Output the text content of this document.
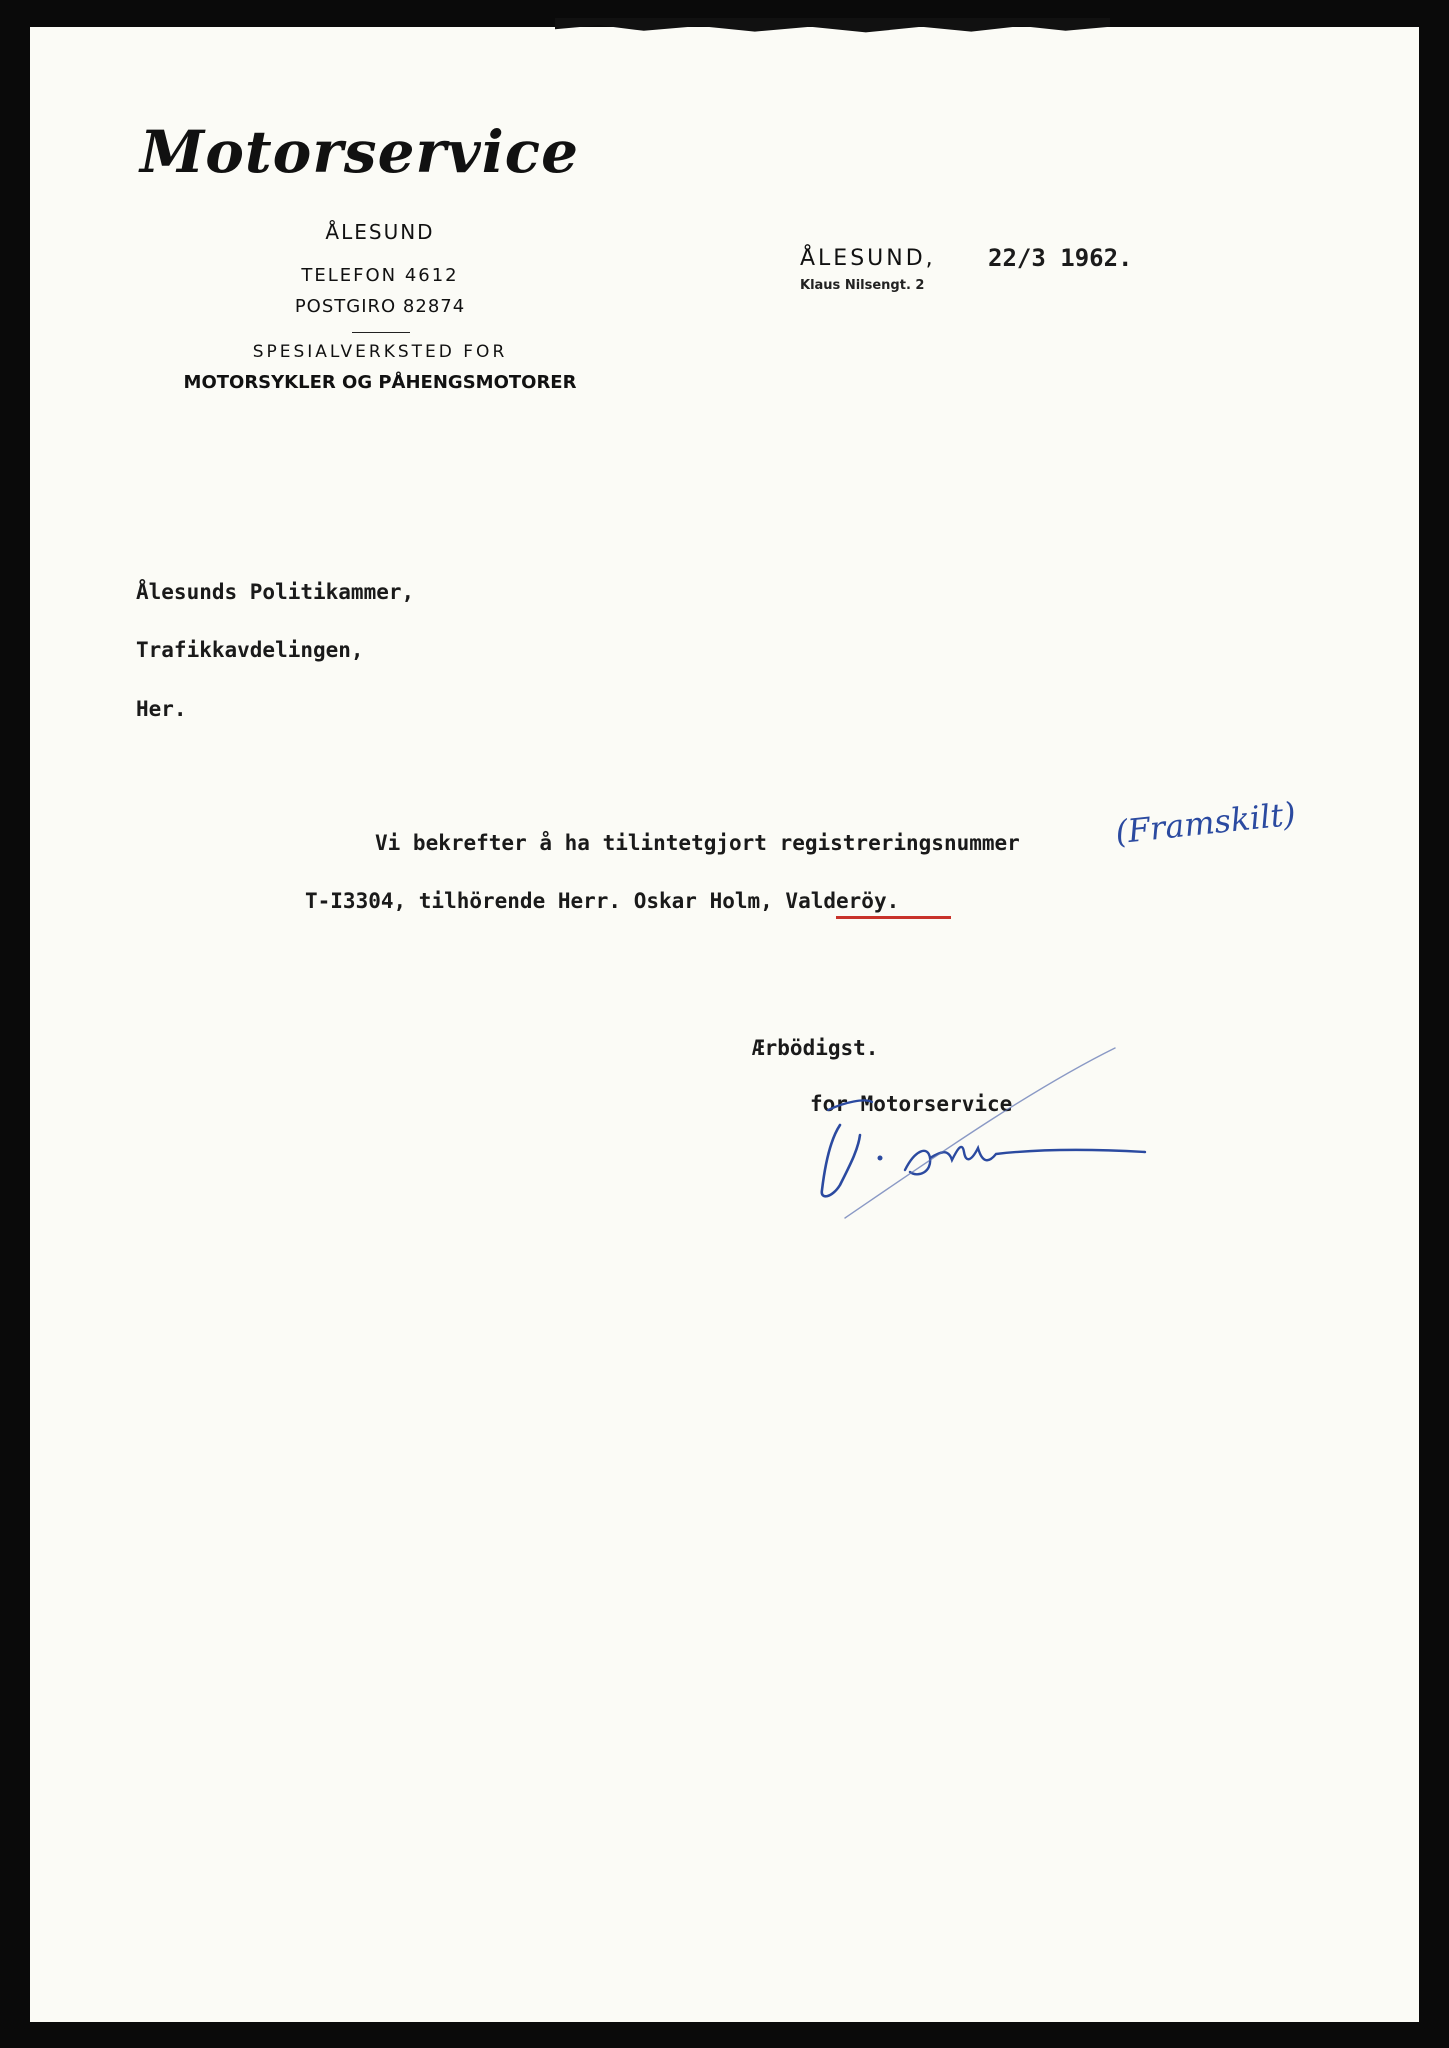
Motorservice
ÅLESUND
TELEFON 4612
POSTGIRO 82874
SPESIALVERKSTED FOR
MOTORSYKLER OG PÅHENGSMOTORER
ÅLESUND,
Klaus Nilsengt. 2
22/3 1962.
Ålesunds Politikammer,
Trafikkavdelingen,
Her.
Vi bekrefter å ha tilintetgjort registreringsnummer	(Framskilt)
T-I3304, tilhörende Herr. Oskar Holm, Valderöy.
Ærbödigst.
for Motorservice
